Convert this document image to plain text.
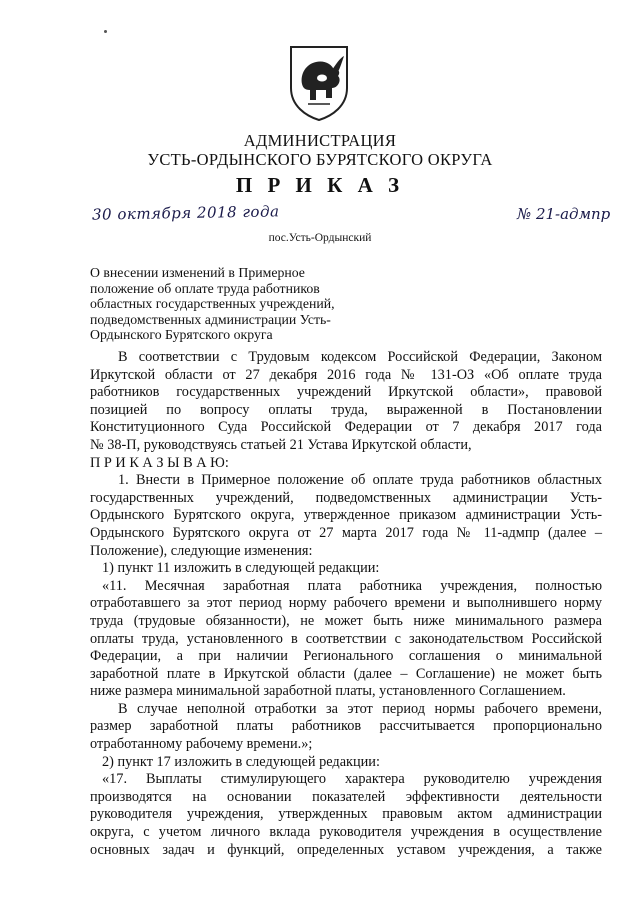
АДМИНИСТРАЦИЯ
УСТЬ-ОРДЫНСКОГО БУРЯТСКОГО ОКРУГА
П Р И К А З
30 октября 2018 года	№ 21-адмпр
пос.Усть-Ордынский
О внесении изменений в Примерное
положение об оплате труда работников
областных государственных учреждений,
подведомственных администрации Усть-
Ордынского Бурятского округа
В соответствии с Трудовым кодексом Российской Федерации, Законом
Иркутской области от 27 декабря 2016 года № 131-ОЗ «Об оплате труда
работников государственных учреждений Иркутской области», правовой
позицией по вопросу оплаты труда, выраженной в Постановлении
Конституционного Суда Российской Федерации от 7 декабря 2017 года
№ 38-П, руководствуясь статьей 21 Устава Иркутской области,
П Р И К А З Ы В А Ю:
1. Внести в Примерное положение об оплате труда работников областных
государственных учреждений, подведомственных администрации Усть-
Ордынского Бурятского округа, утвержденное приказом администрации Усть-
Ордынского Бурятского округа от 27 марта 2017 года № 11-адмпр (далее –
Положение), следующие изменения:
1) пункт 11 изложить в следующей редакции:
«11. Месячная заработная плата работника учреждения, полностью
отработавшего за этот период норму рабочего времени и выполнившего норму
труда (трудовые обязанности), не может быть ниже минимального размера
оплаты труда, установленного в соответствии с законодательством Российской
Федерации, а при наличии Регионального соглашения о минимальной
заработной плате в Иркутской области (далее – Соглашение) не может быть
ниже размера минимальной заработной платы, установленного Соглашением.
В случае неполной отработки за этот период нормы рабочего времени,
размер заработной платы работников рассчитывается пропорционально
отработанному рабочему времени.»;
2) пункт 17 изложить в следующей редакции:
«17. Выплаты стимулирующего характера руководителю учреждения
производятся на основании показателей эффективности деятельности
руководителя учреждения, утвержденных правовым актом администрации
округа, с учетом личного вклада руководителя учреждения в осуществление
основных задач и функций, определенных уставом учреждения, а также
